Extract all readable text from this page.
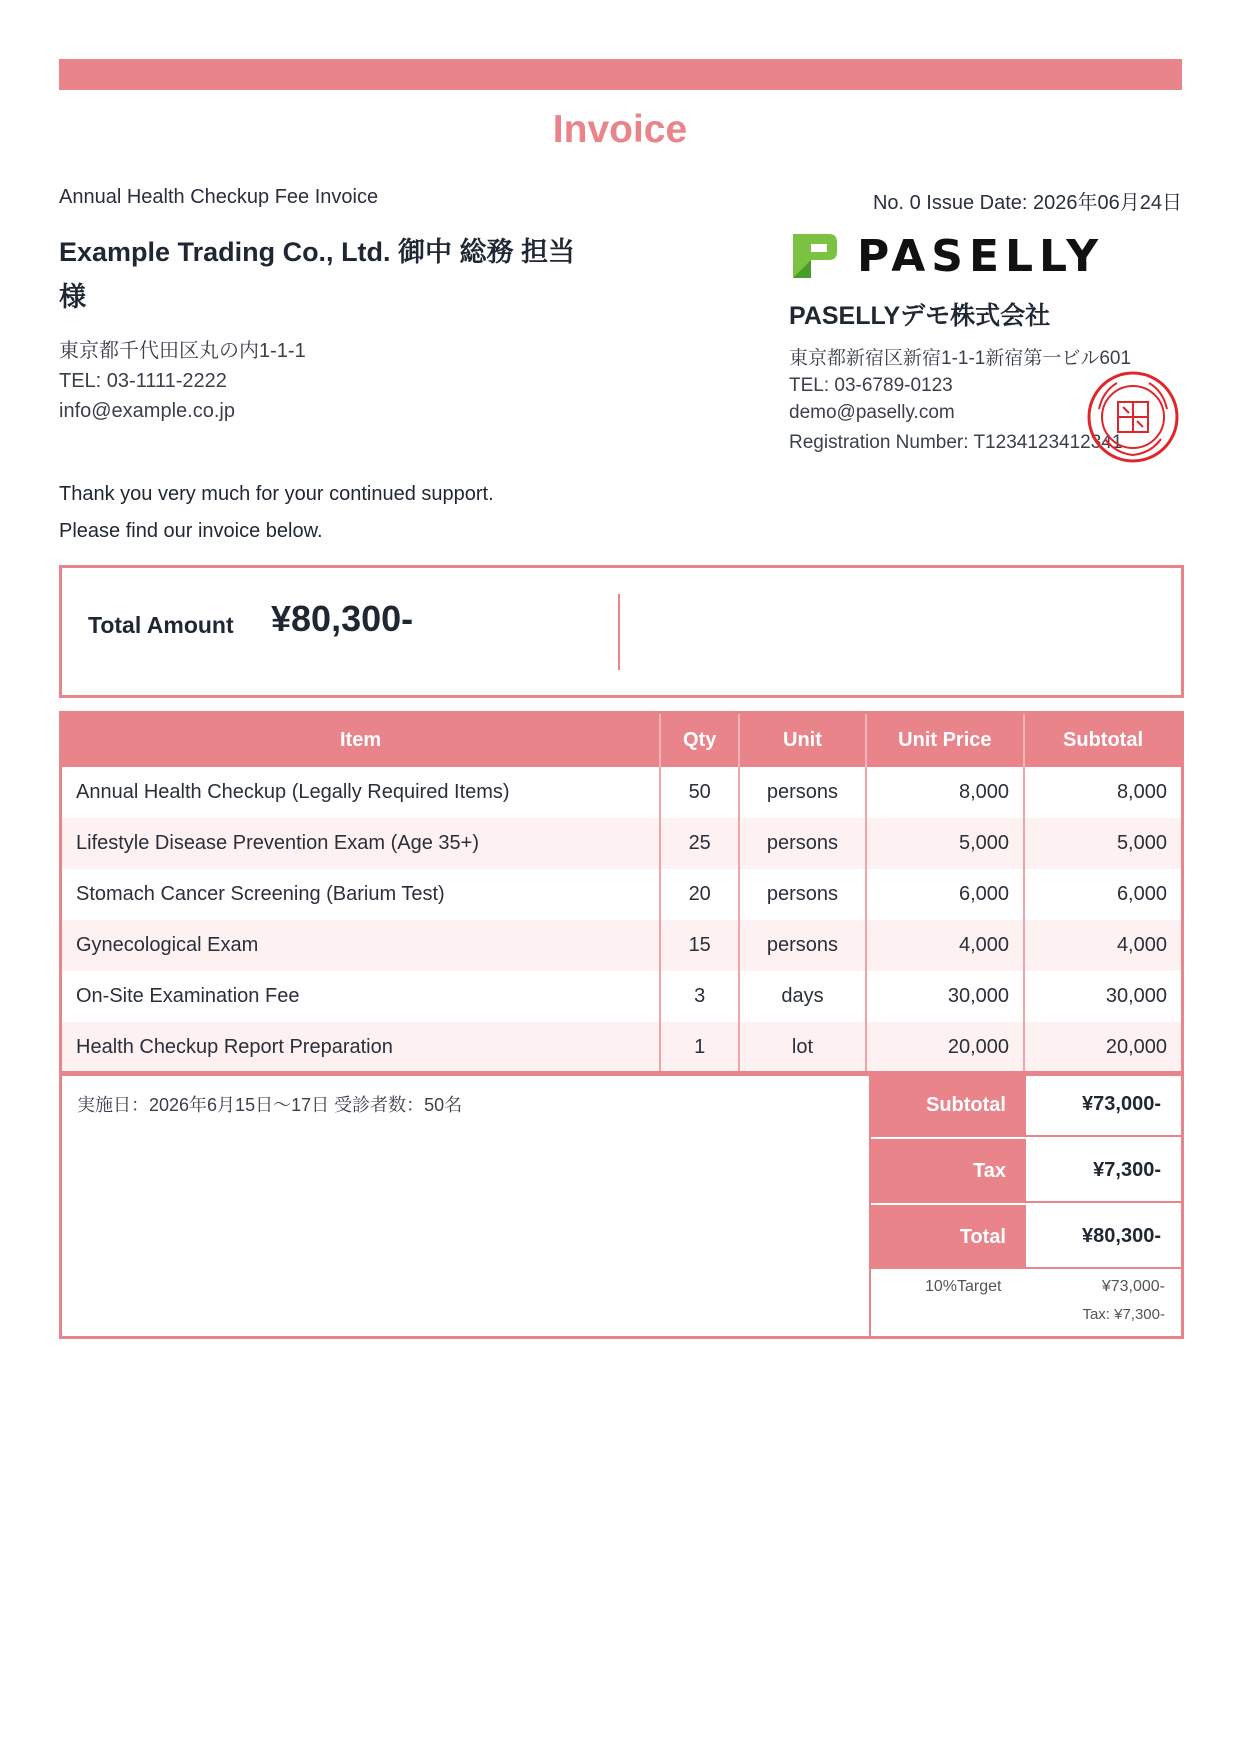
Invoice
Annual Health Checkup Fee Invoice	No. 0 Issue Date: 2026年06月24日
Example Trading Co., Ltd. 御中 総務 担当 様
東京都千代田区丸の内1-1-1
TEL: 03-1111-2222
info@example.co.jp
PASELLY
PASELLYデモ株式会社
東京都新宿区新宿1-1-1新宿第一ビル601
TEL: 03-6789-0123
demo@paselly.com
Registration Number: T1234123412341
Thank you very much for your continued support.
Please find our invoice below.
Total Amount ¥80,300-
Item	Qty	Unit	Unit Price	Subtotal
Annual Health Checkup (Legally Required Items)	50	persons	8,000	8,000
Lifestyle Disease Prevention Exam (Age 35+)	25	persons	5,000	5,000
Stomach Cancer Screening (Barium Test)	20	persons	6,000	6,000
Gynecological Exam	15	persons	4,000	4,000
On-Site Examination Fee	3	days	30,000	30,000
Health Checkup Report Preparation	1	lot	20,000	20,000
実施日：2026年6月15日〜17日 受診者数：50名	Subtotal	¥73,000-
Tax	¥7,300-
Total	¥80,300-
10%Target	¥73,000-
Tax: ¥7,300-
